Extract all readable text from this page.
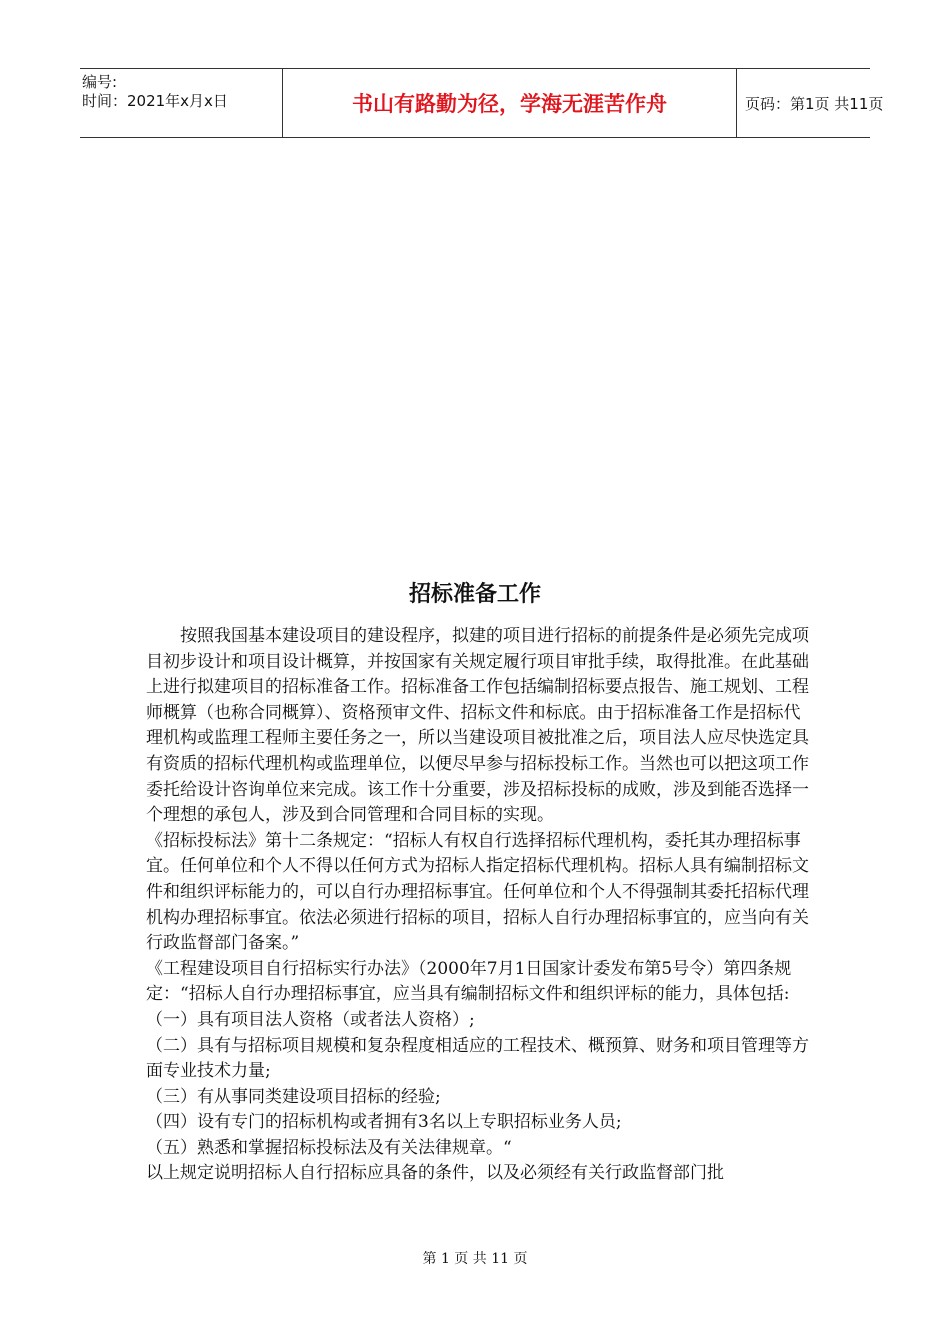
编号:
时间：2021年x月x日	书山有路勤为径，学海无涯苦作舟	页码：第1页 共11页
招标准备工作

按照我国基本建设项目的建设程序，拟建的项目进行招标的前提条件是必须先完成项目初步设计和项目设计概算，并按国家有关规定履行项目审批手续，取得批准。在此基础上进行拟建项目的招标准备工作。招标准备工作包括编制招标要点报告、施工规划、工程师概算（也称合同概算）、资格预审文件、招标文件和标底。由于招标准备工作是招标代理机构或监理工程师主要任务之一，所以当建设项目被批准之后，项目法人应尽快选定具有资质的招标代理机构或监理单位，以便尽早参与招标投标工作。当然也可以把这项工作委托给设计咨询单位来完成。该工作十分重要，涉及招标投标的成败，涉及到能否选择一个理想的承包人，涉及到合同管理和合同目标的实现。

《招标投标法》第十二条规定：“招标人有权自行选择招标代理机构，委托其办理招标事宜。任何单位和个人不得以任何方式为招标人指定招标代理机构。招标人具有编制招标文件和组织评标能力的，可以自行办理招标事宜。任何单位和个人不得强制其委托招标代理机构办理招标事宜。依法必须进行招标的项目，招标人自行办理招标事宜的，应当向有关行政监督部门备案。”

《工程建设项目自行招标实行办法》（2000年7月1日国家计委发布第5号令）第四条规定：“招标人自行办理招标事宜，应当具有编制招标文件和组织评标的能力，具体包括:

（一）具有项目法人资格（或者法人资格）;

（二）具有与招标项目规模和复杂程度相适应的工程技术、概预算、财务和项目管理等方面专业技术力量;

（三）有从事同类建设项目招标的经验;

（四）设有专门的招标机构或者拥有3名以上专职招标业务人员;

（五）熟悉和掌握招标投标法及有关法律规章。“

以上规定说明招标人自行招标应具备的条件，以及必须经有关行政监督部门批

第 1 页 共 11 页
